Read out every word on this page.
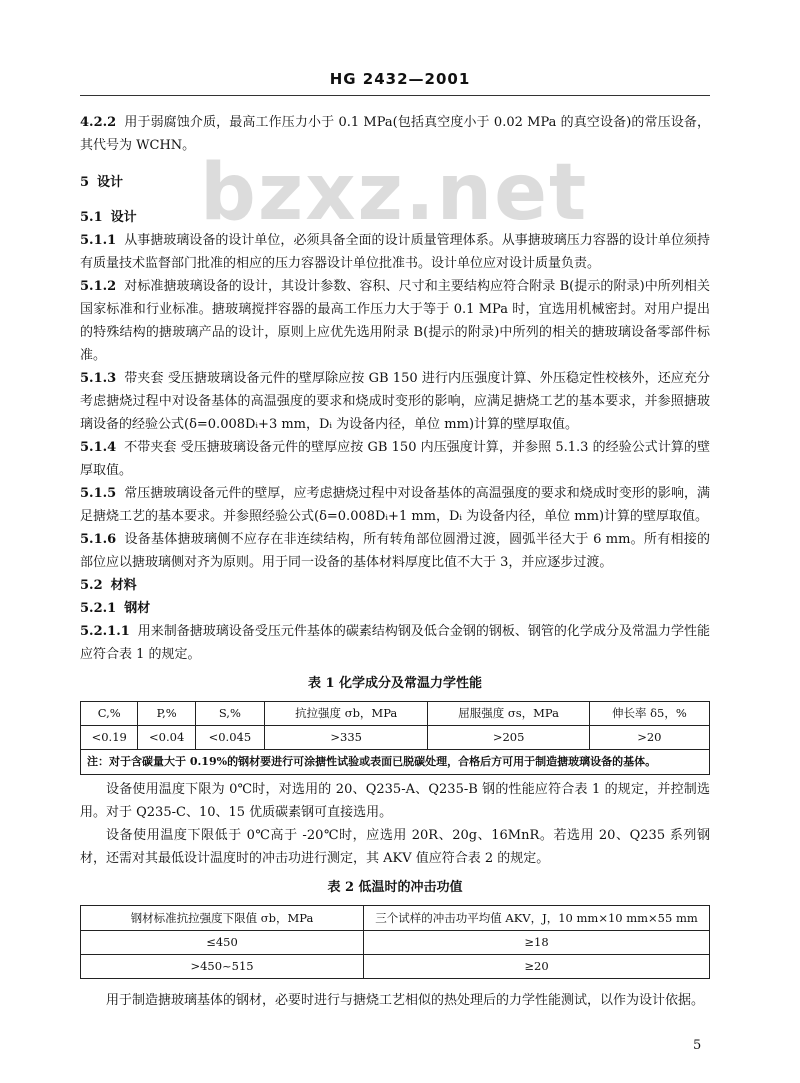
HG 2432—2001
bzxz.net

4.2.2 用于弱腐蚀介质，最高工作压力小于 0.1 MPa(包括真空度小于 0.02 MPa 的真空设备)的常压设备，其代号为 WCHN。

5 设计

5.1 设计

5.1.1 从事搪玻璃设备的设计单位，必须具备全面的设计质量管理体系。从事搪玻璃压力容器的设计单位须持有质量技术监督部门批准的相应的压力容器设计单位批准书。设计单位应对设计质量负责。

5.1.2 对标准搪玻璃设备的设计，其设计参数、容积、尺寸和主要结构应符合附录 B(提示的附录)中所列相关国家标准和行业标准。搪玻璃搅拌容器的最高工作压力大于等于 0.1 MPa 时，宜选用机械密封。对用户提出的特殊结构的搪玻璃产品的设计，原则上应优先选用附录 B(提示的附录)中所列的相关的搪玻璃设备零部件标准。

5.1.3 带夹套 受压搪玻璃设备元件的壁厚除应按 GB 150 进行内压强度计算、外压稳定性校核外，还应充分考虑搪烧过程中对设备基体的高温强度的要求和烧成时变形的影响，应满足搪烧工艺的基本要求，并参照搪玻璃设备的经验公式(δ=0.008Dᵢ+3 mm，Dᵢ 为设备内径，单位 mm)计算的壁厚取值。

5.1.4 不带夹套 受压搪玻璃设备元件的壁厚应按 GB 150 内压强度计算，并参照 5.1.3 的经验公式计算的壁厚取值。

5.1.5 常压搪玻璃设备元件的壁厚，应考虑搪烧过程中对设备基体的高温强度的要求和烧成时变形的影响，满足搪烧工艺的基本要求。并参照经验公式(δ=0.008Dᵢ+1 mm，Dᵢ 为设备内径，单位 mm)计算的壁厚取值。

5.1.6 设备基体搪玻璃侧不应存在非连续结构，所有转角部位圆滑过渡，圆弧半径大于 6 mm。所有相接的部位应以搪玻璃侧对齐为原则。用于同一设备的基体材料厚度比值不大于 3，并应逐步过渡。

5.2 材料

5.2.1 钢材

5.2.1.1 用来制备搪玻璃设备受压元件基体的碳素结构钢及低合金钢的钢板、钢管的化学成分及常温力学性能应符合表 1 的规定。

表 1 化学成分及常温力学性能

C,%	P,%	S,%	抗拉强度 σb，MPa	屈服强度 σs，MPa	伸长率 δ5，%
<0.19	<0.04	<0.045	>335	>205	>20
注：对于含碳量大于 0.19%的钢材要进行可涂搪性试验或表面已脱碳处理，合格后方可用于制造搪玻璃设备的基体。					

设备使用温度下限为 0℃时，对选用的 20、Q235-A、Q235-B 钢的性能应符合表 1 的规定，并控制选用。对于 Q235-C、10、15 优质碳素钢可直接选用。

设备使用温度下限低于 0℃高于 -20℃时，应选用 20R、20g、16MnR。若选用 20、Q235 系列钢材，还需对其最低设计温度时的冲击功进行测定，其 AKV 值应符合表 2 的规定。

表 2 低温时的冲击功值

钢材标准抗拉强度下限值 σb，MPa	三个试样的冲击功平均值 AKV，J，10 mm×10 mm×55 mm
≤450	≥18
>450~515	≥20

用于制造搪玻璃基体的钢材，必要时进行与搪烧工艺相似的热处理后的力学性能测试，以作为设计依据。

5
